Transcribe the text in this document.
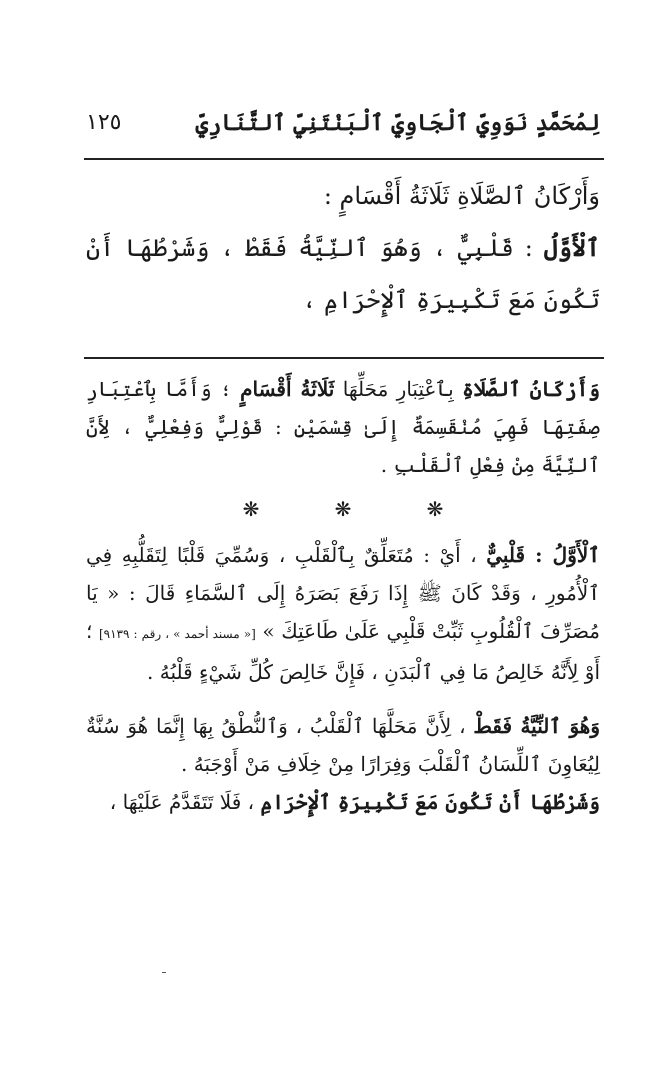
لِمُحَمَّدٍ نَوَوِيِّ ٱلْجَاوِيِّ ٱلْبَنْتَنِيِّ ٱلتَّنَارِيِّ
١٢٥

وَأَرْكَانُ ٱلصَّلَاةِ ثَلَاثَةُ أَقْسَامٍ :

ٱلْأَوَّلُ : قَلْبِيٌّ ، وَهُوَ ٱلنِّيَّةُ فَقَطْ ، وَشَرْطُهَا أَنْ تَكُونَ مَعَ تَكْبِيرَةِ ٱلْإِحْرَامِ ،

وَأَرْكَانُ ٱلصَّلَاةِ بِٱعْتِبَارِ مَحَلِّهَا ثَلَاثَةُ أَقْسَامٍ ؛ وَأَمَّا بِٱعْتِبَارِ صِفَتِهَا فَهِيَ مُنْقَسِمَةٌ إِلَىٰ قِسْمَيْنِ : قَوْلِيٌّ وَفِعْلِيٌّ ، لِأَنَّ ٱلنِّيَّةَ مِنْ فِعْلِ ٱلْقَلْبِ .

❋	❋	❋

ٱلْأَوَّلُ : قَلْبِيٌّ ، أَيْ : مُتَعَلِّقٌ بِٱلْقَلْبِ ، وَسُمِّيَ قَلْبًا لِتَقَلُّبِهِ فِي ٱلْأُمُورِ ، وَقَدْ كَانَ ﷺ إِذَا رَفَعَ بَصَرَهُ إِلَى ٱلسَّمَاءِ قَالَ : « يَا مُصَرِّفَ ٱلْقُلُوبِ ثَبِّتْ قَلْبِي عَلَىٰ طَاعَتِكَ » [« مسند أحمد » ، رقم : ٩١٣٩] ؛ أَوْ لِأَنَّهُ خَالِصُ مَا فِي ٱلْبَدَنِ ، فَإِنَّ خَالِصَ كُلِّ شَيْءٍ قَلْبُهُ .

وَهُوَ ٱلنِّيَّةُ فَقَطْ ، لِأَنَّ مَحَلَّهَا ٱلْقَلْبُ ، وَٱلنُّطْقُ بِهَا إِنَّمَا هُوَ سُنَّةٌ لِيُعَاوِنَ ٱللِّسَانُ ٱلْقَلْبَ وَفِرَارًا مِنْ خِلَافِ مَنْ أَوْجَبَهُ .

وَشَرْطُهَا أَنْ تَكُونَ مَعَ تَكْبِيرَةِ ٱلْإِحْرَامِ ، فَلَا تَتَقَدَّمُ عَلَيْهَا ،
